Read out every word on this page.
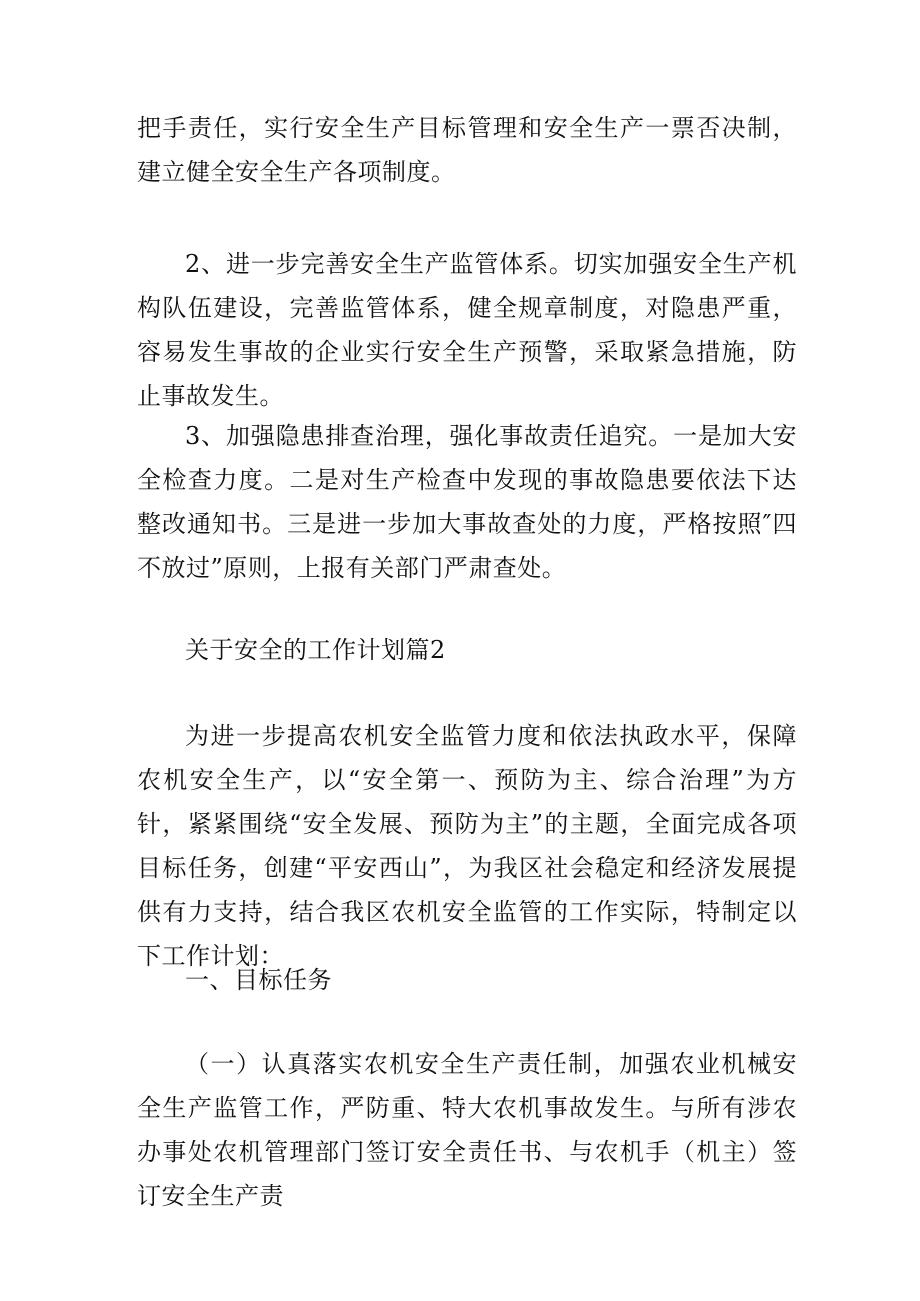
把手责任，实行安全生产目标管理和安全生产一票否决制，建立健全安全生产各项制度。

2、进一步完善安全生产监管体系。切实加强安全生产机构队伍建设，完善监管体系，健全规章制度，对隐患严重，容易发生事故的企业实行安全生产预警，采取紧急措施，防止事故发生。

3、加强隐患排查治理，强化事故责任追究。一是加大安全检查力度。二是对生产检查中发现的事故隐患要依法下达整改通知书。三是进一步加大事故查处的力度，严格按照″四不放过”原则，上报有关部门严肃查处。

关于安全的工作计划篇2

为进一步提高农机安全监管力度和依法执政水平，保障农机安全生产，以“安全第一、预防为主、综合治理”为方针，紧紧围绕“安全发展、预防为主”的主题，全面完成各项目标任务，创建“平安西山”，为我区社会稳定和经济发展提供有力支持，结合我区农机安全监管的工作实际，特制定以下工作计划：

一、目标任务

（一）认真落实农机安全生产责任制，加强农业机械安全生产监管工作，严防重、特大农机事故发生。与所有涉农办事处农机管理部门签订安全责任书、与农机手（机主）签订安全生产责
